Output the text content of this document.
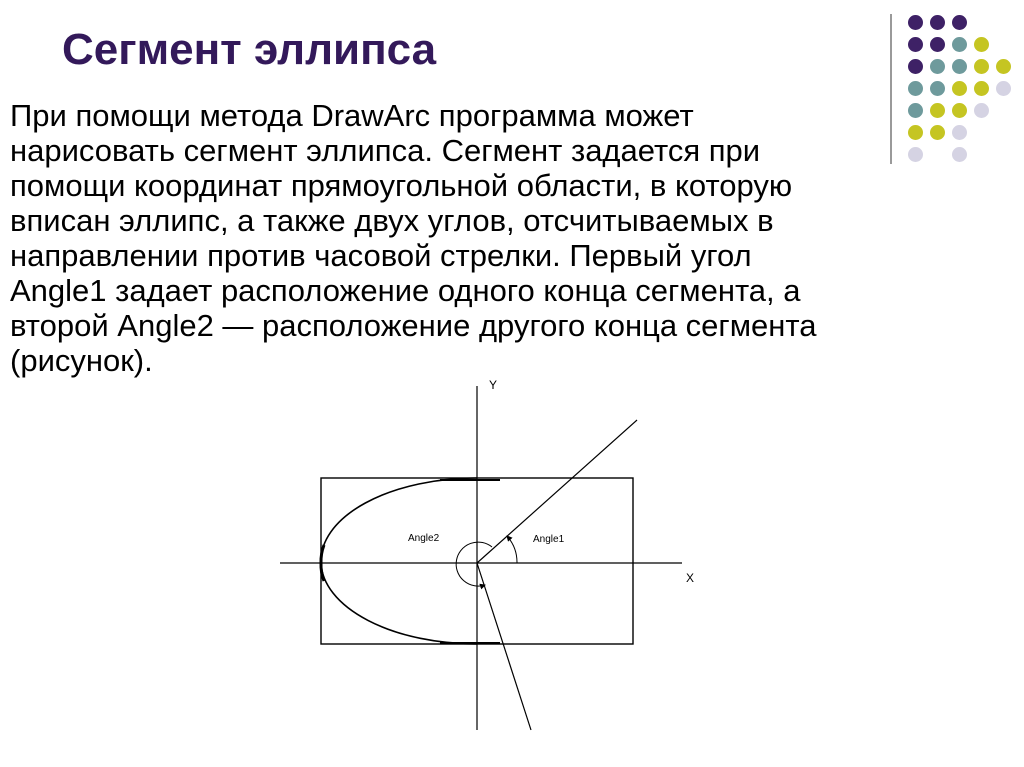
Сегмент эллипса
При помощи метода DrawArc программа может
нарисовать сегмент эллипса. Сегмент задается при
помощи координат прямоугольной области, в которую
вписан эллипс, а также двух углов, отсчитываемых в
направлении против часовой стрелки. Первый угол
Angle1 задает расположение одного конца сегмента, а
второй Angle2 — расположение другого конца сегмента
(рисунок).
Y
X
Angle1
Angle2
